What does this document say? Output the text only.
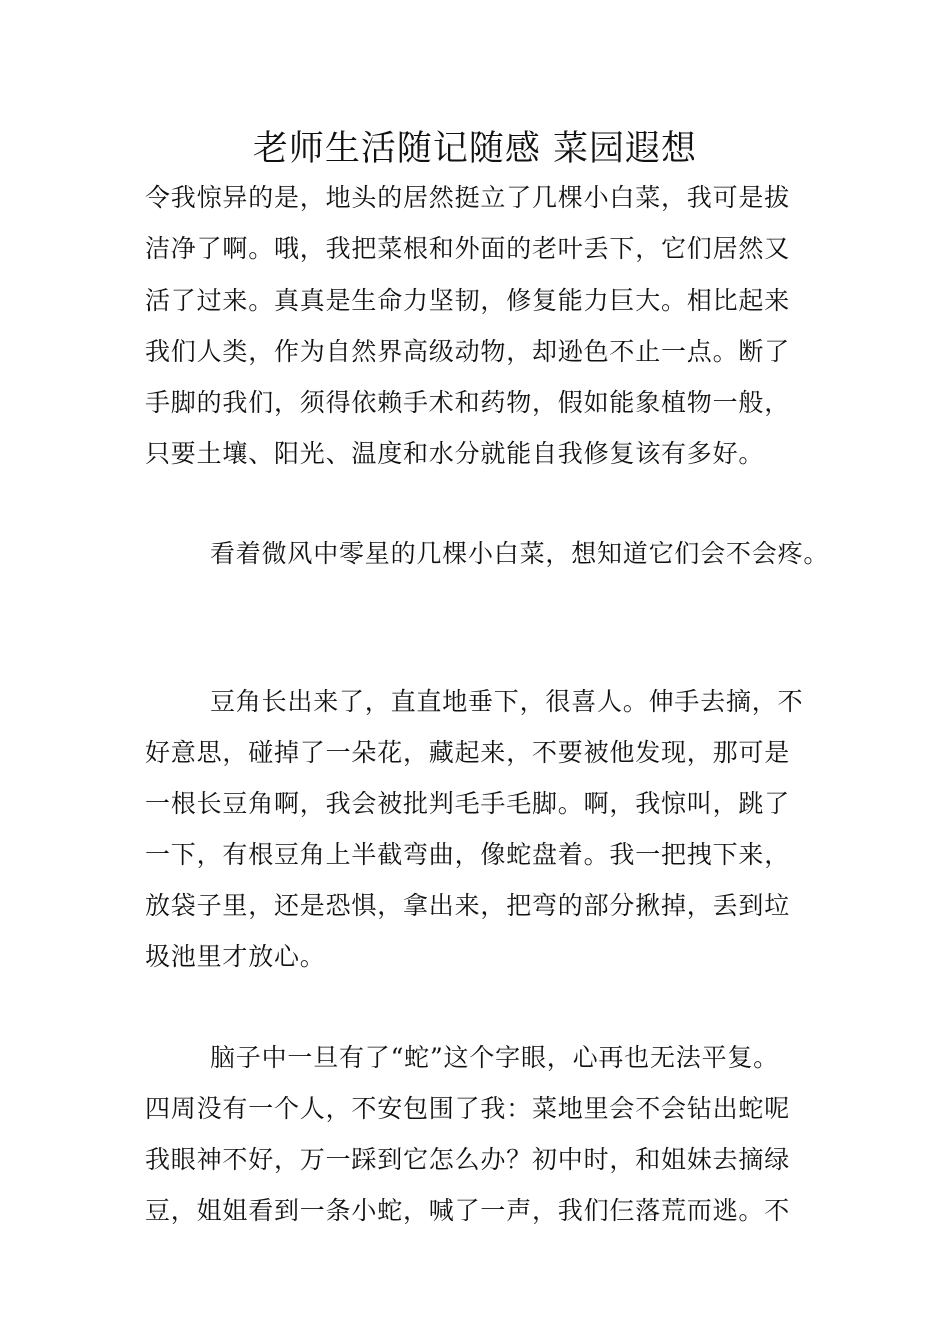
老师生活随记随感 菜园遐想
令我惊异的是，地头的居然挺立了几棵小白菜，我可是拔
洁净了啊。哦，我把菜根和外面的老叶丢下，它们居然又
活了过来。真真是生命力坚韧，修复能力巨大。相比起来
我们人类，作为自然界高级动物，却逊色不止一点。断了
手脚的我们，须得依赖手术和药物，假如能象植物一般，
只要土壤、阳光、温度和水分就能自我修复该有多好。
看着微风中零星的几棵小白菜，想知道它们会不会疼。
豆角长出来了，直直地垂下，很喜人。伸手去摘，不
好意思，碰掉了一朵花，藏起来，不要被他发现，那可是
一根长豆角啊，我会被批判毛手毛脚。啊，我惊叫，跳了
一下，有根豆角上半截弯曲，像蛇盘着。我一把拽下来，
放袋子里，还是恐惧，拿出来，把弯的部分揪掉，丢到垃
圾池里才放心。
脑子中一旦有了“蛇”这个字眼，心再也无法平复。
四周没有一个人，不安包围了我：菜地里会不会钻出蛇呢
我眼神不好，万一踩到它怎么办？初中时，和姐妹去摘绿
豆，姐姐看到一条小蛇，喊了一声，我们仨落荒而逃。不
